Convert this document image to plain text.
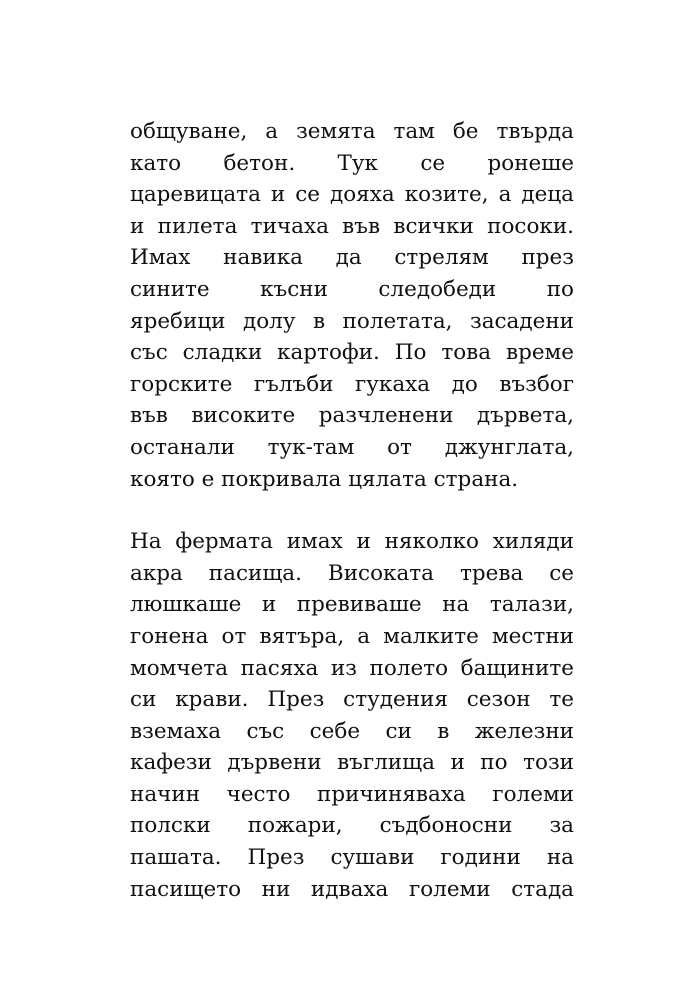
общуване, а земята там бе твърда
като бетон. Тук се ронеше
царевицата и се дояха козите, а деца
и пилета тичаха във всички посоки.
Имах навика да стрелям през
сините късни следобеди по
яребици долу в полетата, засадени
със сладки картофи. По това време
горските гълъби гукаха до възбог
във високите разчленени дървета,
останали тук-там от джунглата,
която е покривала цялата страна.
На фермата имах и няколко хиляди
акра пасища. Високата трева се
люшкаше и превиваше на талази,
гонена от вятъра, а малките местни
момчета пасяха из полето бащините
си крави. През студения сезон те
вземаха със себе си в железни
кафези дървени въглища и по този
начин често причиняваха големи
полски пожари, съдбоносни за
пашата. През сушави години на
пасището ни идваха големи стада
